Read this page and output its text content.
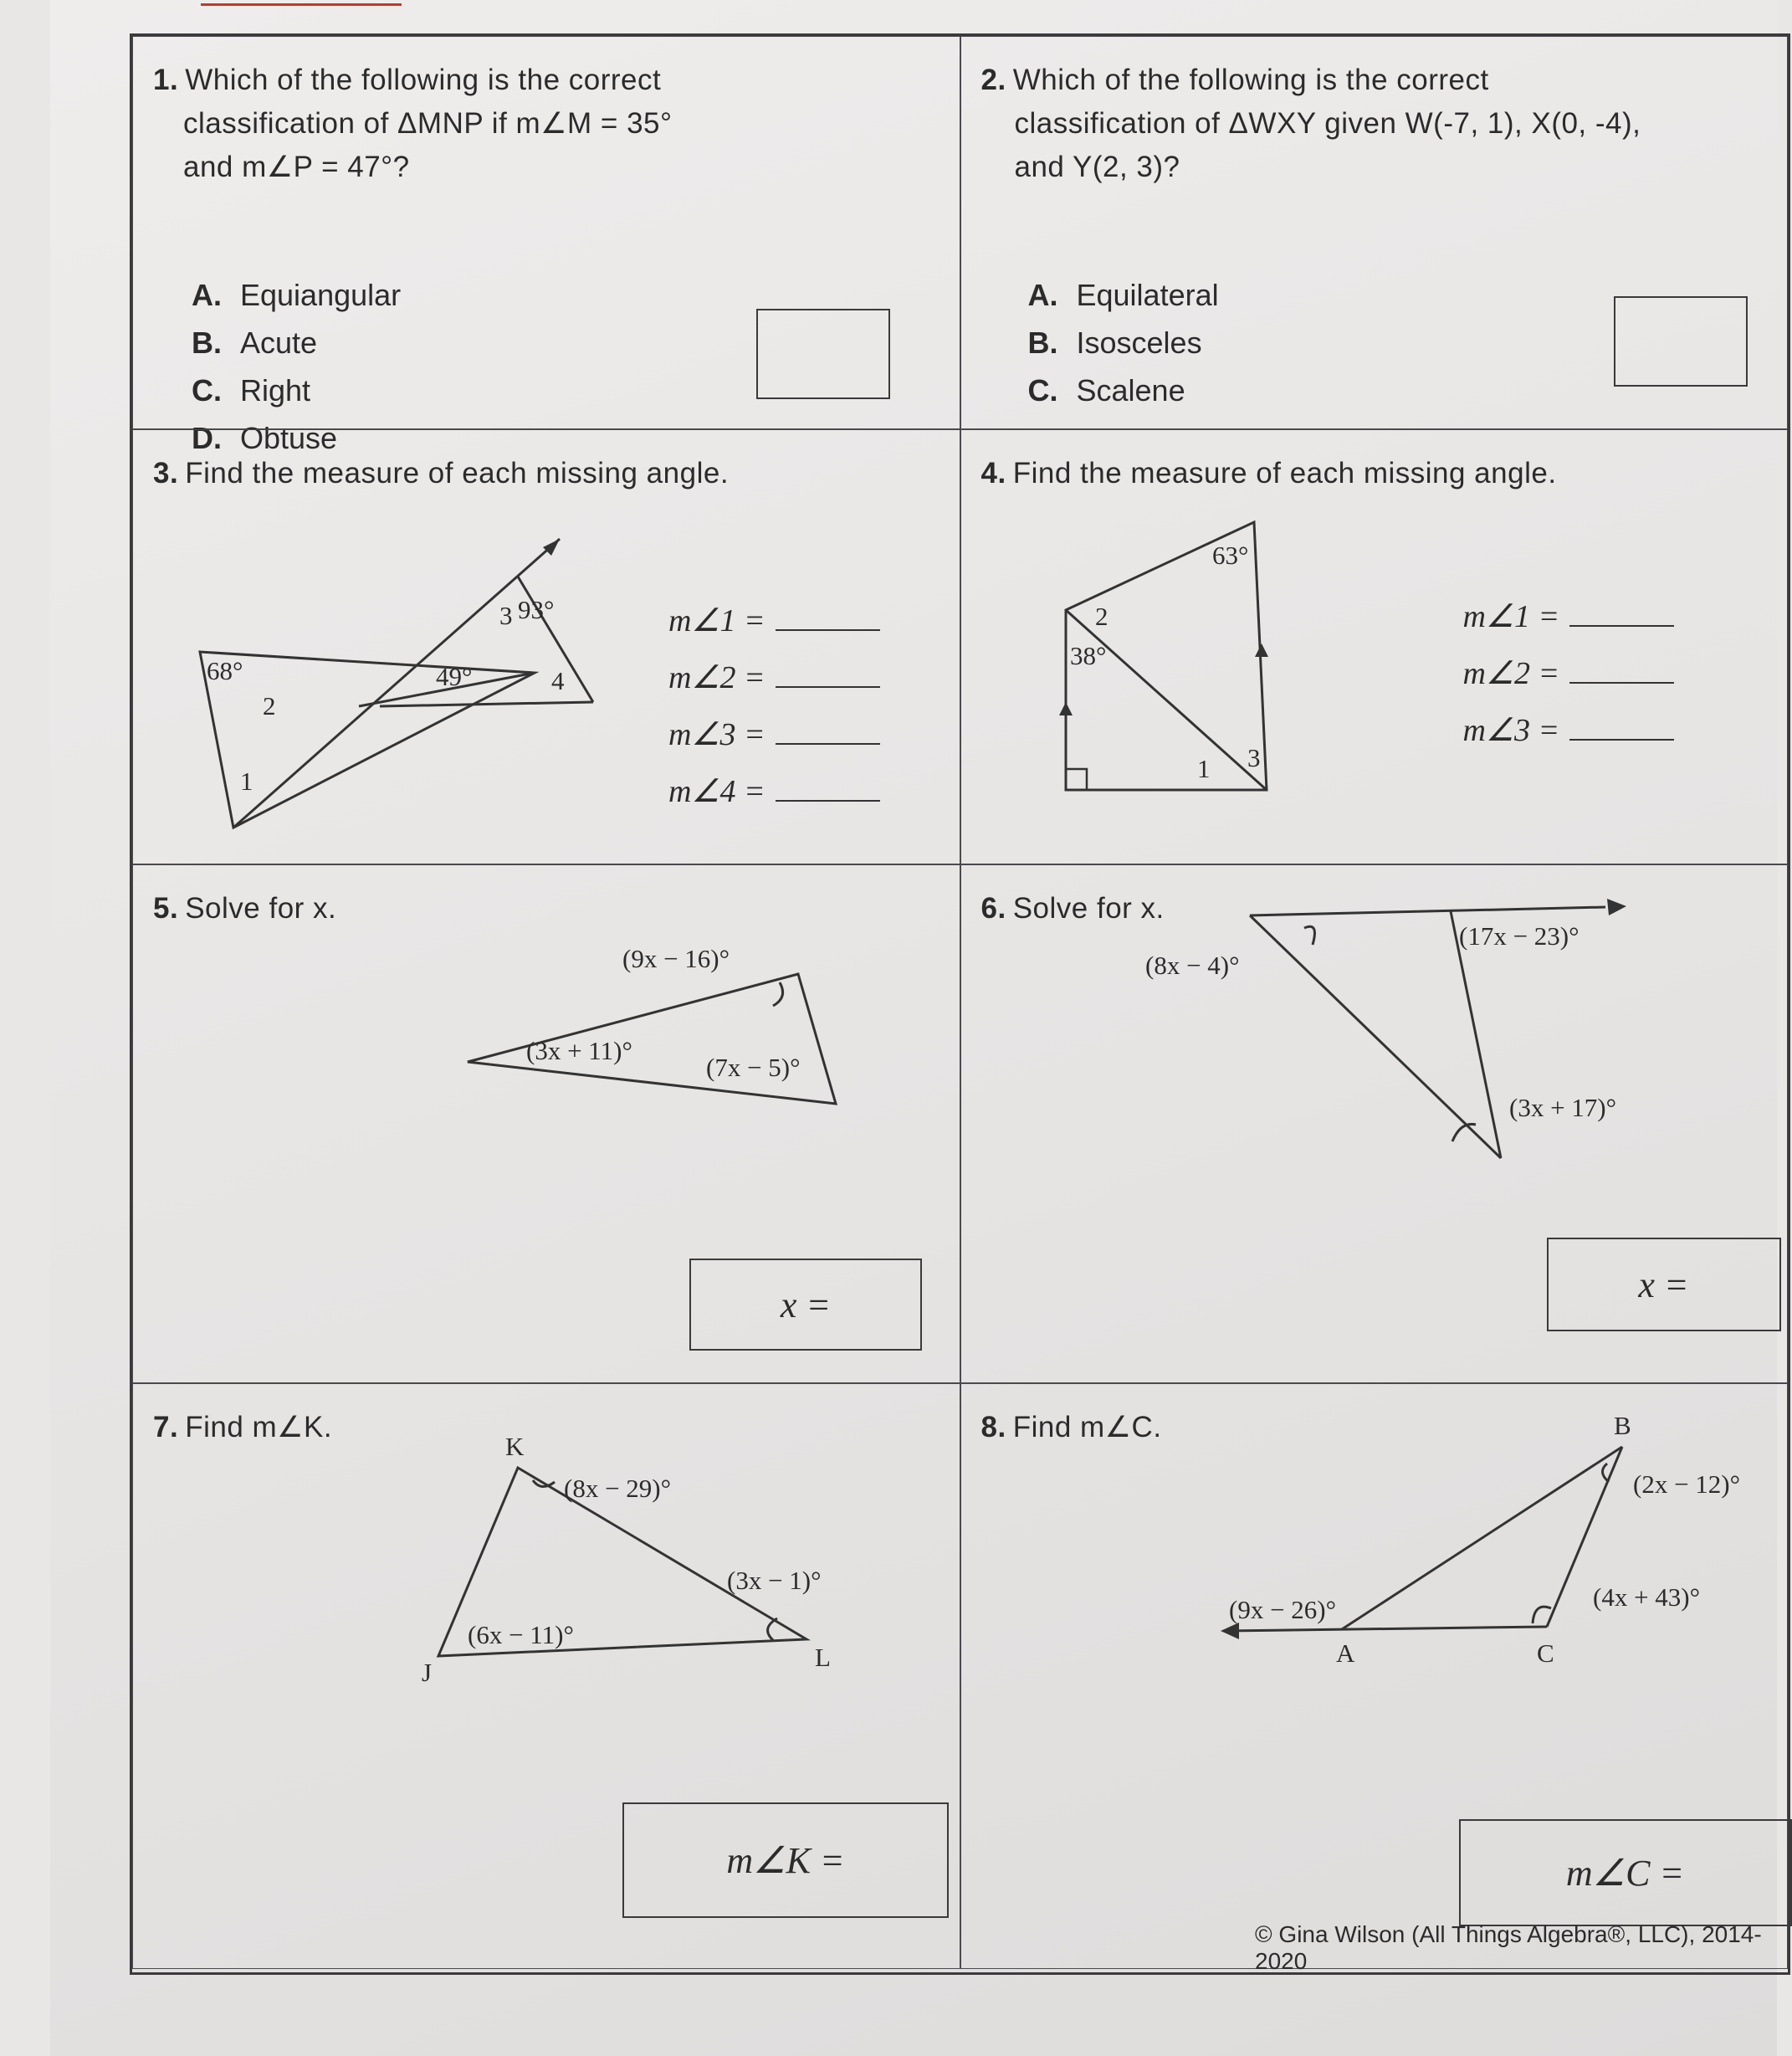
1. Which of the following is the correct
classification of ΔMNP if m∠M = 35°
and m∠P = 47°?
A. Equiangular
B. Acute
C. Right
D. Obtuse
2. Which of the following is the correct
classification of ΔWXY given W(-7, 1), X(0, -4),
and Y(2, 3)?
A. Equilateral
B. Isosceles
C. Scalene
3. Find the measure of each missing angle.
68°
2
1
49°
93°
3
4
m∠1 =
m∠2 =
m∠3 =
m∠4 =
4. Find the measure of each missing angle.
63°
2
38°
3
1
m∠1 =
m∠2 =
m∠3 =
5. Solve for x.
(9x − 16)°
(3x + 11)°
(7x − 5)°
x =
6. Solve for x.
(8x − 4)°
(17x − 23)°
(3x + 17)°
x =
7. Find m∠K.
K
J
L
(8x − 29)°
(3x − 1)°
(6x − 11)°
m∠K =
8. Find m∠C.	B
A	C
(2x − 12)°
(4x + 43)°
(9x − 26)°
m∠C =
© Gina Wilson (All Things Algebra®, LLC), 2014-2020
